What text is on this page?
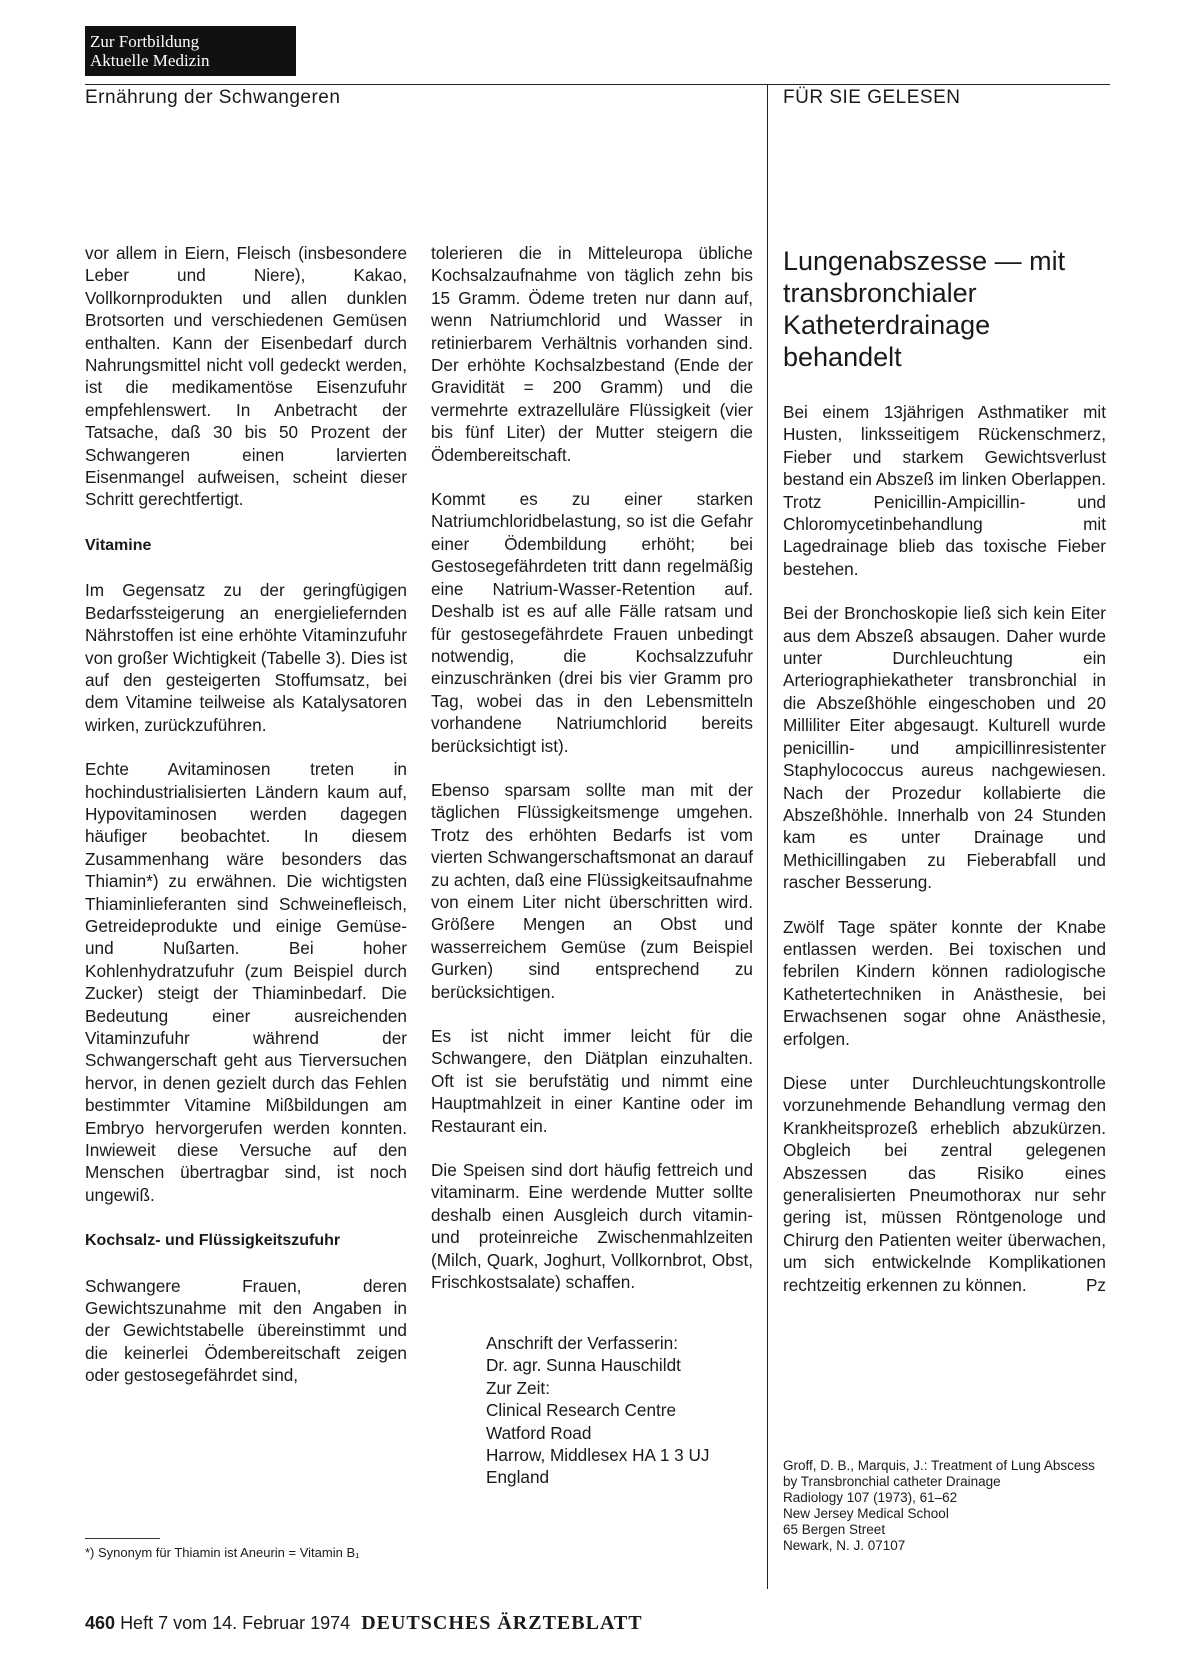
Zur Fortbildung
Aktuelle Medizin
Ernährung der Schwangeren	FÜR SIE GELESEN

vor allem in Eiern, Fleisch (insbesondere Leber und Niere), Kakao, Vollkornprodukten und allen dunklen Brotsorten und verschiedenen Gemüsen enthalten. Kann der Eisenbedarf durch Nahrungsmittel nicht voll gedeckt werden, ist die medikamentöse Eisenzufuhr empfehlenswert. In Anbetracht der Tatsache, daß 30 bis 50 Prozent der Schwangeren einen larvierten Eisenmangel aufweisen, scheint dieser Schritt gerechtfertigt.

Vitamine

Im Gegensatz zu der geringfügigen Bedarfssteigerung an energieliefernden Nährstoffen ist eine erhöhte Vitaminzufuhr von großer Wichtigkeit (Tabelle 3). Dies ist auf den gesteigerten Stoffumsatz, bei dem Vitamine teilweise als Katalysatoren wirken, zurückzuführen.

Echte Avitaminosen treten in hochindustrialisierten Ländern kaum auf, Hypovitaminosen werden dagegen häufiger beobachtet. In diesem Zusammenhang wäre besonders das Thiamin*) zu erwähnen. Die wichtigsten Thiaminlieferanten sind Schweinefleisch, Getreideprodukte und einige Gemüse- und Nußarten. Bei hoher Kohlenhydratzufuhr (zum Beispiel durch Zucker) steigt der Thiaminbedarf. Die Bedeutung einer ausreichenden Vitaminzufuhr während der Schwangerschaft geht aus Tierversuchen hervor, in denen gezielt durch das Fehlen bestimmter Vitamine Mißbildungen am Embryo hervorgerufen werden konnten. Inwieweit diese Versuche auf den Menschen übertragbar sind, ist noch ungewiß.

Kochsalz- und Flüssigkeitszufuhr

Schwangere Frauen, deren Gewichtszunahme mit den Angaben in der Gewichtstabelle übereinstimmt und die keinerlei Ödembereitschaft zeigen oder gestosegefährdet sind,

tolerieren die in Mitteleuropa übliche Kochsalzaufnahme von täglich zehn bis 15 Gramm. Ödeme treten nur dann auf, wenn Natriumchlorid und Wasser in retinierbarem Verhältnis vorhanden sind. Der erhöhte Kochsalzbestand (Ende der Gravidität = 200 Gramm) und die vermehrte extrazelluläre Flüssigkeit (vier bis fünf Liter) der Mutter steigern die Ödembereitschaft.

Kommt es zu einer starken Natriumchloridbelastung, so ist die Gefahr einer Ödembildung erhöht; bei Gestosegefährdeten tritt dann regelmäßig eine Natrium-Wasser-Retention auf. Deshalb ist es auf alle Fälle ratsam und für gestosegefährdete Frauen unbedingt notwendig, die Kochsalzzufuhr einzuschränken (drei bis vier Gramm pro Tag, wobei das in den Lebensmitteln vorhandene Natriumchlorid bereits berücksichtigt ist).

Ebenso sparsam sollte man mit der täglichen Flüssigkeitsmenge umgehen. Trotz des erhöhten Bedarfs ist vom vierten Schwangerschaftsmonat an darauf zu achten, daß eine Flüssigkeitsaufnahme von einem Liter nicht überschritten wird. Größere Mengen an Obst und wasserreichem Gemüse (zum Beispiel Gurken) sind entsprechend zu berücksichtigen.

Es ist nicht immer leicht für die Schwangere, den Diätplan einzuhalten. Oft ist sie berufstätig und nimmt eine Hauptmahlzeit in einer Kantine oder im Restaurant ein.

Die Speisen sind dort häufig fettreich und vitaminarm. Eine werdende Mutter sollte deshalb einen Ausgleich durch vitamin- und proteinreiche Zwischenmahlzeiten (Milch, Quark, Joghurt, Vollkornbrot, Obst, Frischkostsalate) schaffen.

Anschrift der Verfasserin:
Dr. agr. Sunna Hauschildt
Zur Zeit:
Clinical Research Centre
Watford Road
Harrow, Middlesex HA 1 3 UJ
England
Lungenabszesse — mit transbronchialer Katheterdrainage behandelt

Bei einem 13jährigen Asthmatiker mit Husten, linksseitigem Rückenschmerz, Fieber und starkem Gewichtsverlust bestand ein Abszeß im linken Oberlappen. Trotz Penicillin-Ampicillin- und Chloromycetinbehandlung mit Lagedrainage blieb das toxische Fieber bestehen.

Bei der Bronchoskopie ließ sich kein Eiter aus dem Abszeß absaugen. Daher wurde unter Durchleuchtung ein Arteriographiekatheter transbronchial in die Abszeßhöhle eingeschoben und 20 Milliliter Eiter abgesaugt. Kulturell wurde penicillin- und ampicillinresistenter Staphylococcus aureus nachgewiesen. Nach der Prozedur kollabierte die Abszeßhöhle. Innerhalb von 24 Stunden kam es unter Drainage und Methicillingaben zu Fieberabfall und rascher Besserung.

Zwölf Tage später konnte der Knabe entlassen werden. Bei toxischen und febrilen Kindern können radiologische Kathetertechniken in Anästhesie, bei Erwachsenen sogar ohne Anästhesie, erfolgen.

Diese unter Durchleuchtungskontrolle vorzunehmende Behandlung vermag den Krankheitsprozeß erheblich abzukürzen. Obgleich bei zentral gelegenen Abszessen das Risiko eines generalisierten Pneumothorax nur sehr gering ist, müssen Röntgenologe und Chirurg den Patienten weiter überwachen, um sich entwickelnde Komplikationen rechtzeitig erkennen zu können.	Pz

Groff, D. B., Marquis, J.: Treatment of Lung Abscess by Transbronchial catheter Drainage
Radiology 107 (1973), 61–62
New Jersey Medical School
65 Bergen Street
Newark, N. J. 07107
*) Synonym für Thiamin ist Aneurin = Vitamin B₁
460 Heft 7 vom 14. Februar 1974 DEUTSCHES ÄRZTEBLATT
